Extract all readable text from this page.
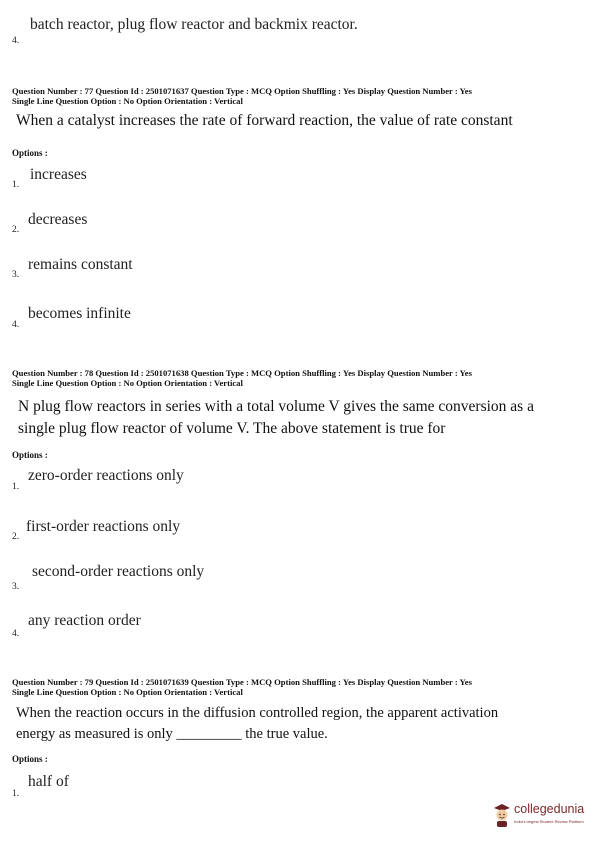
batch reactor, plug flow reactor and backmix reactor.
4.
Question Number : 77 Question Id : 2501071637 Question Type : MCQ Option Shuffling : Yes Display Question Number : Yes
Single Line Question Option : No Option Orientation : Vertical
When a catalyst increases the rate of forward reaction, the value of rate constant
Options :
increases
1.
decreases
2.
remains constant
3.
becomes infinite
4.
Question Number : 78 Question Id : 2501071638 Question Type : MCQ Option Shuffling : Yes Display Question Number : Yes
Single Line Question Option : No Option Orientation : Vertical
N plug flow reactors in series with a total volume V gives the same conversion as a
single plug flow reactor of volume V. The above statement is true for
Options :
zero-order reactions only
1.
first-order reactions only
2.
second-order reactions only
3.
any reaction order
4.
Question Number : 79 Question Id : 2501071639 Question Type : MCQ Option Shuffling : Yes Display Question Number : Yes
Single Line Question Option : No Option Orientation : Vertical
When the reaction occurs in the diffusion controlled region, the apparent activation
energy as measured is only _________ the true value.
Options :
half of
1.
collegedunia
India's largest Student Review Platform
